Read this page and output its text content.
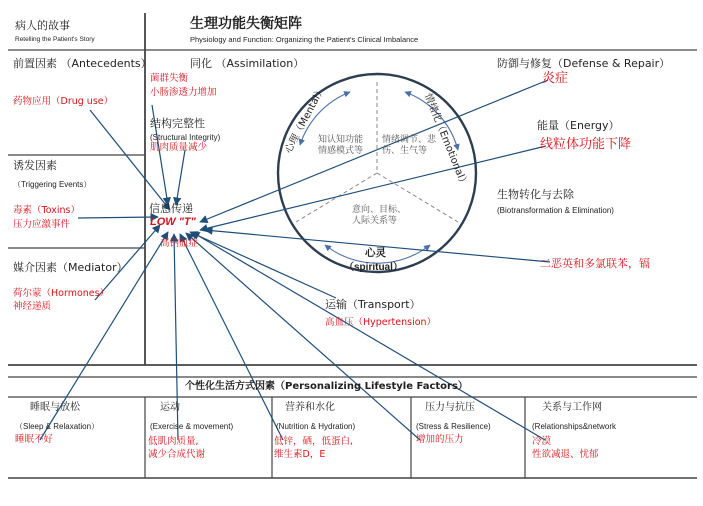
病人的故事
Retelling the Patient's Story
生理功能失衡矩阵
Physiology and Function: Organizing the Patient's Clinical Imbalance
前置因素 （Antecedents）
药物应用（Drug use）
诱发因素
（Triggering Events）
毒素（Toxins）
压力应激事件
媒介因素（Mediator）
荷尔蒙（Hormones）
神经递质
同化 （Assimilation）
菌群失衡
小肠渗透力增加
结构完整性
(Structural Integrity)
肌肉质量减少
信息传递
LOW "T"
高钠血症
运输（Transport）
高血压（Hypertension）
心理（Mental）	情绪化（Emotional）
知认知功能
情感模式等
情绪调节、悲
伤、生气等
意向、目标、
人际关系等
心灵
（spiritual）
防御与修复（Defense & Repair）
炎症
能量（Energy）
线粒体功能下降
生物转化与去除
(Biotransformation & Elimination)
二恶英和多氯联苯，镉
个性化生活方式因素（Personalizing Lifestyle Factors）
睡眠与放松
（Sleep & Relaxation）
睡眠不好
运动
(Exercise & movement)
低肌肉质量,
减少合成代谢
营养和水化
(Nutrition & Hydration)
低锌，硒，低蛋白,
维生素D，E
压力与抗压
(Stress & Resilience)
增加的压力
关系与工作网
(Relationships&network
冷漠
性欲减退、忧郁
